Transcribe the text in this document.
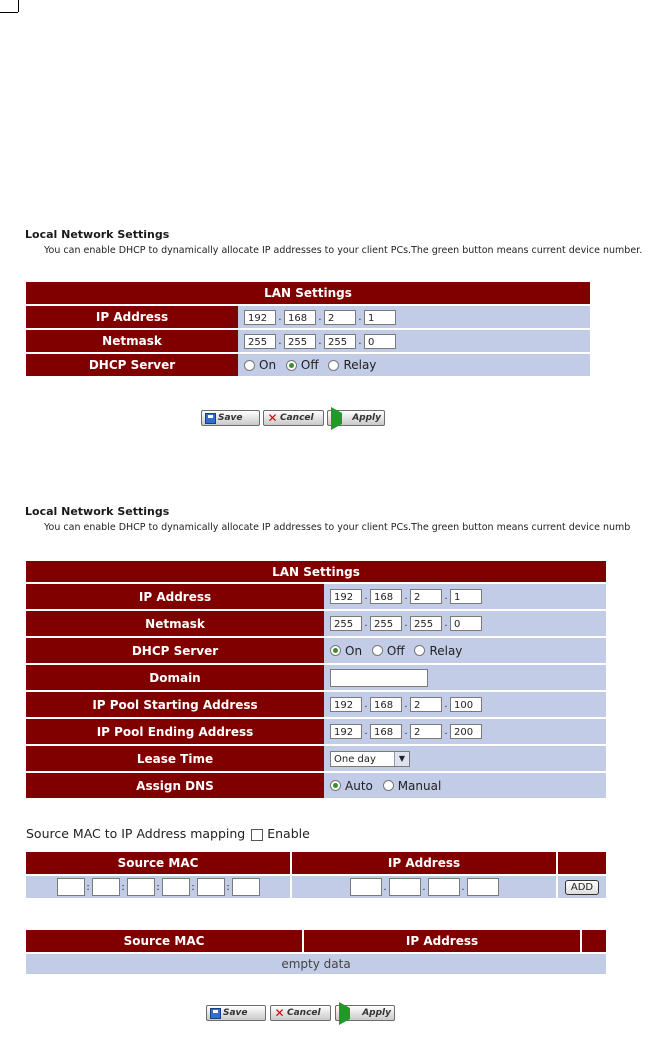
Local Network Settings
You can enable DHCP to dynamically allocate IP addresses to your client PCs.The green button means current device number.
LAN Settings	
IP Address	192 . 168 . 2 . 1
Netmask	255 . 255 . 255 . 0
DHCP Server	On Off Relay
Save ✕ Cancel	Apply
Local Network Settings
You can enable DHCP to dynamically allocate IP addresses to your client PCs.The green button means current device numb
LAN Settings	
IP Address	192 . 168 . 2 . 1
Netmask	255 . 255 . 255 . 0
DHCP Server	On Off Relay
Domain	
IP Pool Starting Address	192 . 168 . 2 . 100
IP Pool Ending Address	192 . 168 . 2 . 200
Lease Time	One day ▼

Assign DNS	Auto Manual
Source MAC to IP Address mapping Enable
Source MAC	IP Address	
: : : : :	. . .	ADD
Source MAC	IP Address	
empty data
Save ✕ Cancel	Apply
